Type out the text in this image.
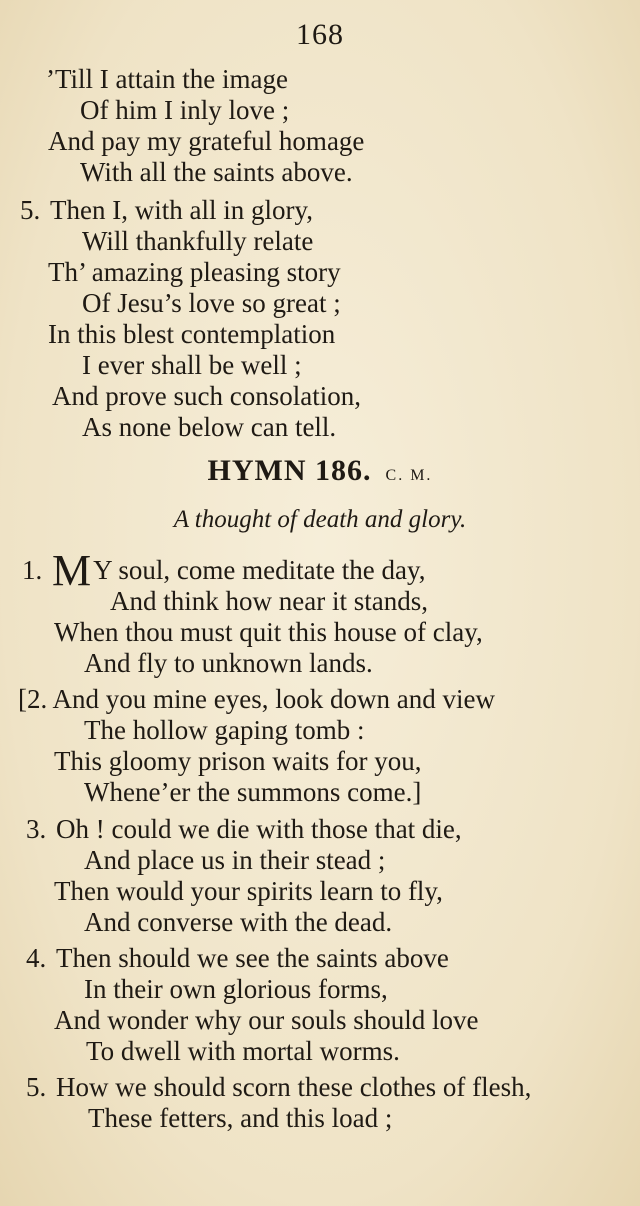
168
’Till I attain the image
Of him I inly love ;
And pay my grateful homage
With all the saints above.
5. Then I, with all in glory,
Will thankfully relate
Th’ amazing pleasing story
Of Jesu’s love so great ;
In this blest contemplation
I ever shall be well ;
And prove such consolation,
As none below can tell.
HYMN 186. C. M.
A thought of death and glory.
1. MY soul, come meditate the day,
And think how near it stands,
When thou must quit this house of clay,
And fly to unknown lands.
[2. And you mine eyes, look down and view
The hollow gaping tomb :
This gloomy prison waits for you,
Whene’er the summons come.]
3. Oh ! could we die with those that die,
And place us in their stead ;
Then would your spirits learn to fly,
And converse with the dead.
4. Then should we see the saints above
In their own glorious forms,
And wonder why our souls should love
To dwell with mortal worms.
5. How we should scorn these clothes of flesh,
These fetters, and this load ;
